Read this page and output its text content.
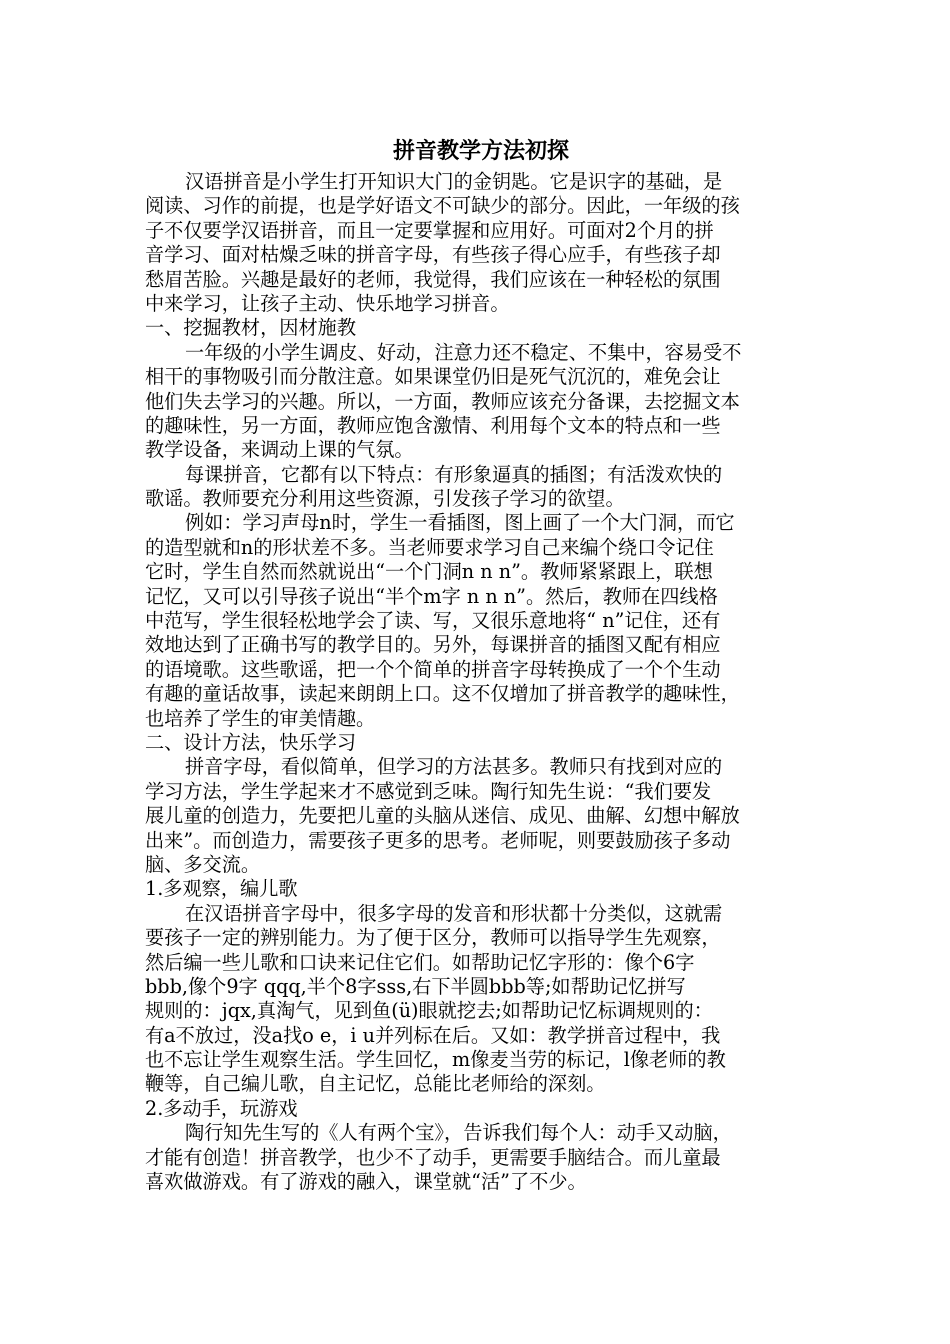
拼音教学方法初探
汉语拼音是小学生打开知识大门的金钥匙。它是识字的基础，是
阅读、习作的前提，也是学好语文不可缺少的部分。因此，一年级的孩
子不仅要学汉语拼音，而且一定要掌握和应用好。可面对2个月的拼
音学习、面对枯燥乏味的拼音字母，有些孩子得心应手，有些孩子却
愁眉苦脸。兴趣是最好的老师，我觉得，我们应该在一种轻松的氛围
中来学习，让孩子主动、快乐地学习拼音。
一、挖掘教材，因材施教
一年级的小学生调皮、好动，注意力还不稳定、不集中，容易受不
相干的事物吸引而分散注意。如果课堂仍旧是死气沉沉的，难免会让
他们失去学习的兴趣。所以，一方面，教师应该充分备课，去挖掘文本
的趣味性，另一方面，教师应饱含激情、利用每个文本的特点和一些
教学设备，来调动上课的气氛。
每课拼音，它都有以下特点：有形象逼真的插图；有活泼欢快的
歌谣。教师要充分利用这些资源，引发孩子学习的欲望。
例如：学习声母n时，学生一看插图，图上画了一个大门洞，而它
的造型就和n的形状差不多。当老师要求学习自己来编个绕口令记住
它时，学生自然而然就说出“一个门洞n n n”。教师紧紧跟上，联想
记忆，又可以引导孩子说出“半个m字 n n n”。然后，教师在四线格
中范写，学生很轻松地学会了读、写，又很乐意地将“ n”记住，还有
效地达到了正确书写的教学目的。另外，每课拼音的插图又配有相应
的语境歌。这些歌谣，把一个个简单的拼音字母转换成了一个个生动
有趣的童话故事，读起来朗朗上口。这不仅增加了拼音教学的趣味性，
也培养了学生的审美情趣。
二、设计方法，快乐学习
拼音字母，看似简单，但学习的方法甚多。教师只有找到对应的
学习方法，学生学起来才不感觉到乏味。陶行知先生说：“我们要发
展儿童的创造力，先要把儿童的头脑从迷信、成见、曲解、幻想中解放
出来”。而创造力，需要孩子更多的思考。老师呢，则要鼓励孩子多动
脑、多交流。
1.多观察，编儿歌
在汉语拼音字母中，很多字母的发音和形状都十分类似，这就需
要孩子一定的辨别能力。为了便于区分，教师可以指导学生先观察，
然后编一些儿歌和口诀来记住它们。如帮助记忆字形的：像个6字
bbb,像个9字 qqq,半个8字sss,右下半圆bbb等;如帮助记忆拼写
规则的：jqx,真淘气，见到鱼(ü)眼就挖去;如帮助记忆标调规则的：
有a不放过，没a找o e，i u并列标在后。又如：教学拼音过程中，我
也不忘让学生观察生活。学生回忆，m像麦当劳的标记，l像老师的教
鞭等，自己编儿歌，自主记忆，总能比老师给的深刻。
2.多动手，玩游戏
陶行知先生写的《人有两个宝》，告诉我们每个人：动手又动脑，
才能有创造！拼音教学，也少不了动手，更需要手脑结合。而儿童最
喜欢做游戏。有了游戏的融入，课堂就“活”了不少。
